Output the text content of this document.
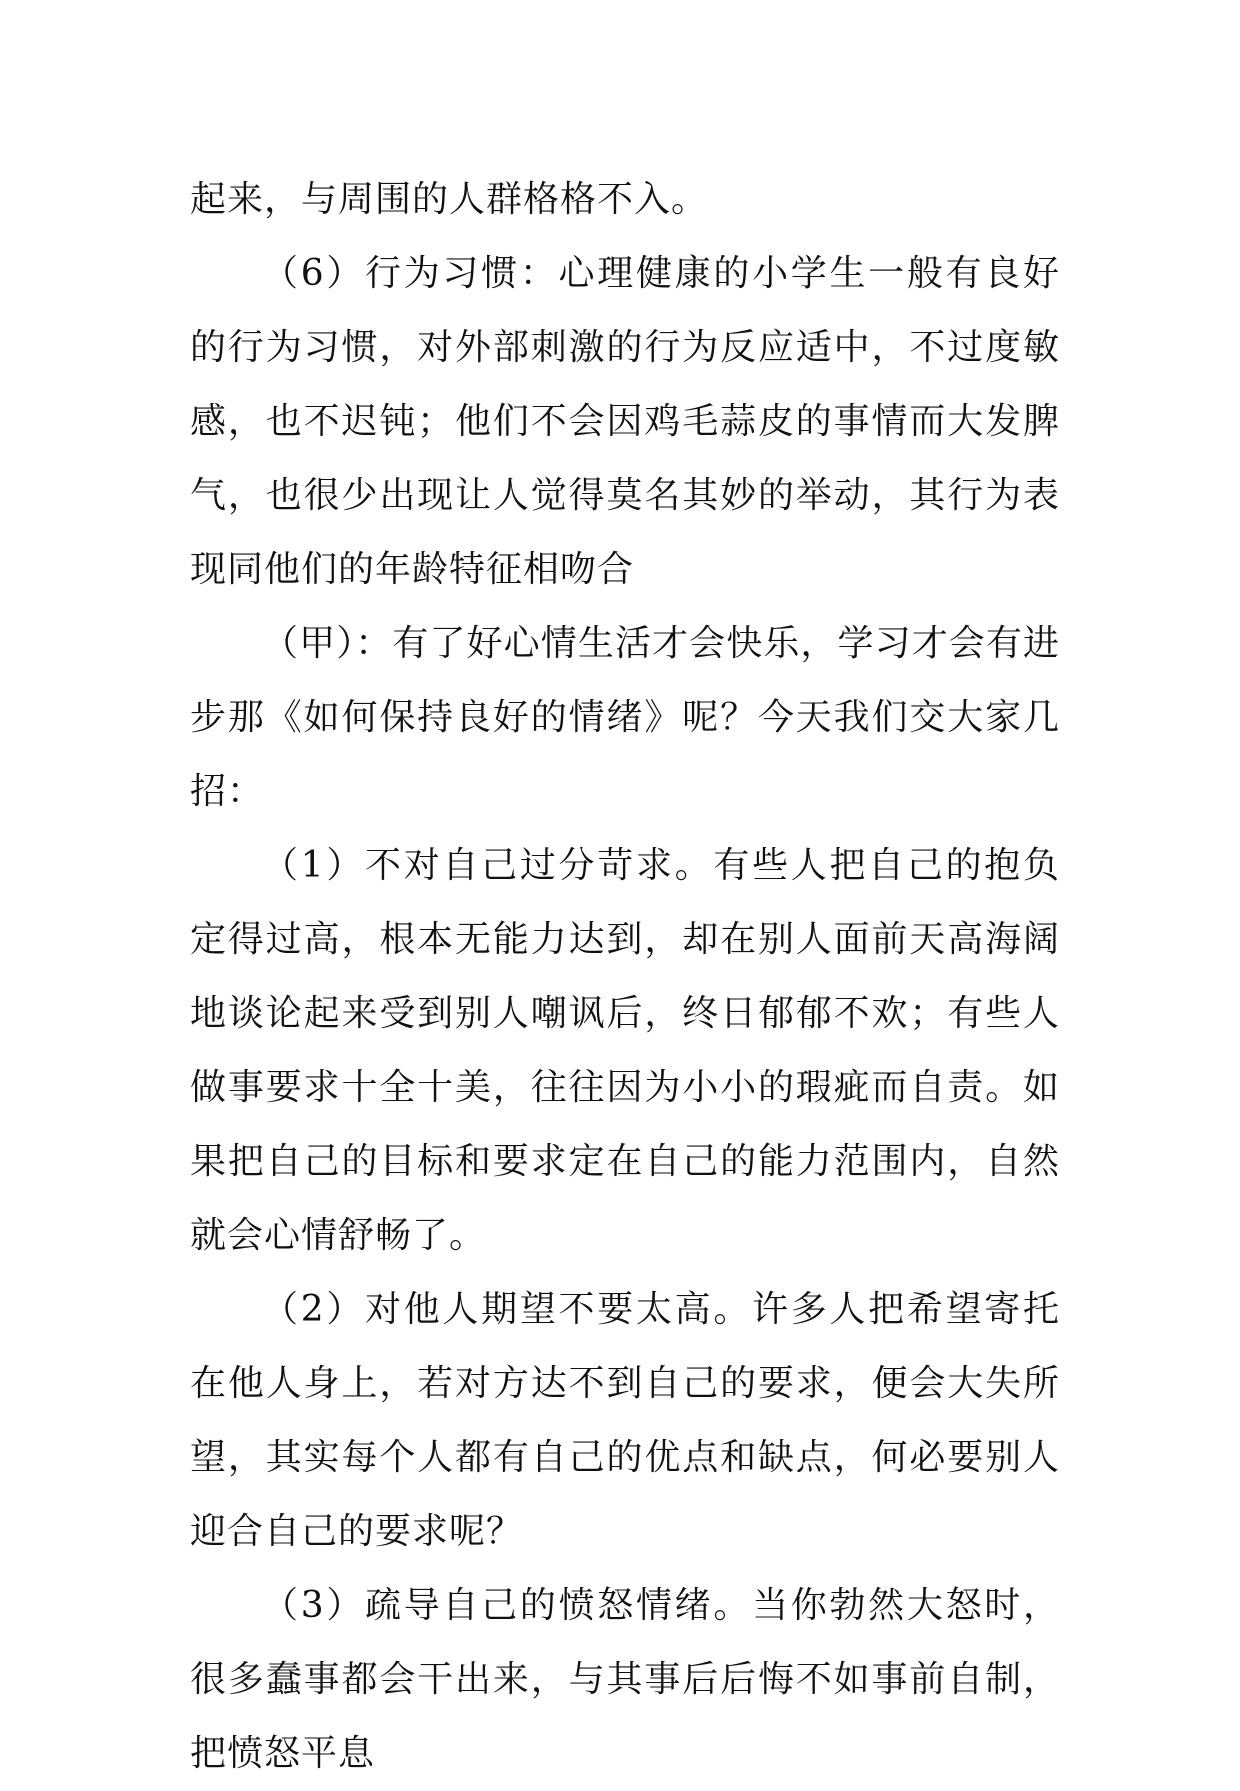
起来，与周围的人群格格不入。

（6）行为习惯：心理健康的小学生一般有良好的行为习惯，对外部刺激的行为反应适中，不过度敏感，也不迟钝；他们不会因鸡毛蒜皮的事情而大发脾气，也很少出现让人觉得莫名其妙的举动，其行为表现同他们的年龄特征相吻合

（甲）：有了好心情生活才会快乐，学习才会有进步那《如何保持良好的情绪》呢？今天我们交大家几招：

（1）不对自己过分苛求。有些人把自己的抱负定得过高，根本无能力达到，却在别人面前天高海阔地谈论起来受到别人嘲讽后，终日郁郁不欢；有些人做事要求十全十美，往往因为小小的瑕疵而自责。如果把自己的目标和要求定在自己的能力范围内，自然就会心情舒畅了。

（2）对他人期望不要太高。许多人把希望寄托在他人身上，若对方达不到自己的要求，便会大失所望，其实每个人都有自己的优点和缺点，何必要别人迎合自己的要求呢？

（3）疏导自己的愤怒情绪。当你勃然大怒时，很多蠢事都会干出来，与其事后后悔不如事前自制，把愤怒平息
